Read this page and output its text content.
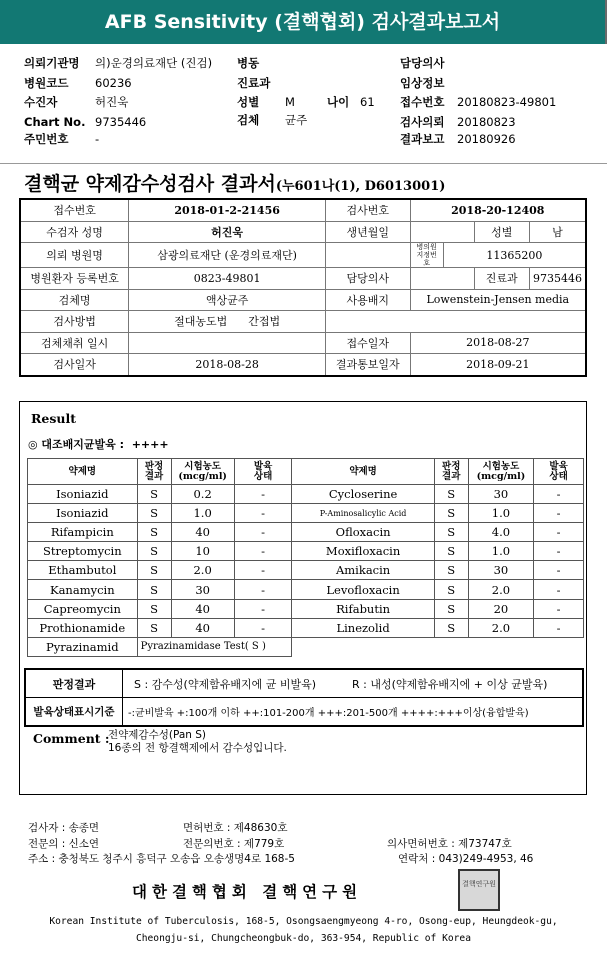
AFB Sensitivity (결핵협회) 검사결과보고서
의뢰기관명 의)운경의료재단 (진검)
병원코드 60236
수진자	허진욱
Chart No. 9735446
주민번호 -
병동
진료과
성별 M	나이 61
검체 균주
담당의사
임상정보
접수번호 20180823-49801
검사의뢰 20180823
결과보고 20180926
결핵균 약제감수성검사 결과서(누601나(1), D6013001)
접수번호	2018-01-2-21456	검사번호	2018-20-12408			
수검자 성명	허진욱	생년월일			성별	남
의뢰 병원명	삼광의료재단 (운경의료재단)		병의원 지정번호	11365200		
병원환자 등록번호	0823-49801	담당의사			진료과	9735446
검체명	액상균주	사용배지	Lowenstein-Jensen media			
검사방법	절대농도법 간접법					
검체채취 일시		접수일자	2018-08-27			
검사일자	2018-08-28	결과통보일자	2018-09-21			
Result
◎ 대조배지균발육 : ++++
약제명	판정
결과	시험농도
(mcg/ml)	발육
상태	약제명	판정
결과	시험농도
(mcg/ml)	발육
상태
Isoniazid	S	0.2	-	Cycloserine	S	30	-
Isoniazid	S	1.0	-	P-Aminosalicylic Acid	S	1.0	-
Rifampicin	S	40	-	Ofloxacin	S	4.0	-
Streptomycin	S	10	-	Moxifloxacin	S	1.0	-
Ethambutol	S	2.0	-	Amikacin	S	30	-
Kanamycin	S	30	-	Levofloxacin	S	2.0	-
Capreomycin	S	40	-	Rifabutin	S	20	-
Prothionamide	S	40	-	Linezolid	S	2.0	-
Pyrazinamid	Pyrazinamidase Test( S )						
판정결과	S : 감수성(약제함유배지에 균 비발육) R : 내성(약제함유배지에 + 이상 균발육)
발육상태표시기준	-:균비발육 +:100개 이하 ++:101-200개 +++:201-500개 ++++:+++이상(융합발육)
Comment :
전약제감수성(Pan S)
16종의 전 항결핵제에서 감수성입니다.
검사자 : 송종면	면허번호 : 제48630호
전문의 : 신소연	전문의번호 : 제779호	의사면허번호 : 제73747호
주소 : 충청북도 청주시 흥덕구 오송읍 오송생명4로 168-5	연락처 : 043)249-4953, 46
대한결핵협회 결핵연구원	결핵연구원
Korean Institute of Tuberculosis, 168-5, Osongsaengmyeong 4-ro, Osong-eup, Heungdeok-gu,
Cheongju-si, Chungcheongbuk-do, 363-954, Republic of Korea
